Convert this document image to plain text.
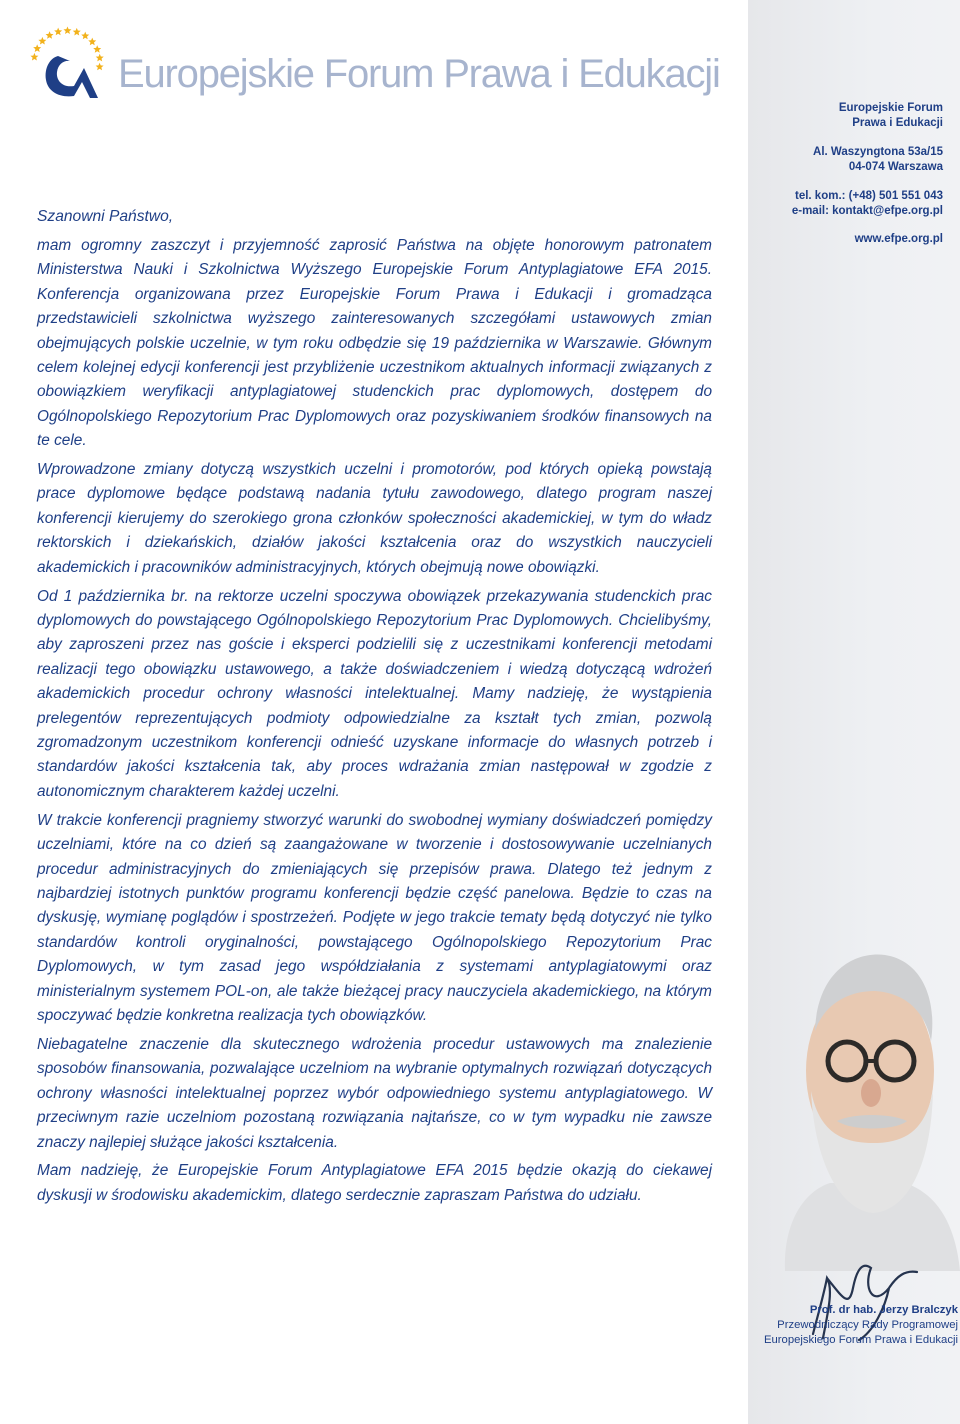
Europejskie Forum
Prawa i Edukacji
Al. Waszyngtona 53a/15
04-074 Warszawa
tel. kom.: (+48) 501 551 043
e-mail: kontakt@efpe.org.pl
www.efpe.org.pl
Europejskie Forum Prawa i Edukacji

Szanowni Państwo,

mam ogromny zaszczyt i przyjemność zaprosić Państwa na objęte honorowym patronatem Ministerstwa Nauki i Szkolnictwa Wyższego Europejskie Forum Antyplagiatowe EFA 2015. Konferencja organizowana przez Europejskie Forum Prawa i Edukacji i gromadząca przedstawicieli szkolnictwa wyższego zainteresowanych szczegółami ustawowych zmian obejmujących polskie uczelnie, w tym roku odbędzie się 19 października w Warszawie. Głównym celem kolejnej edycji konferencji jest przybliżenie uczestnikom aktualnych informacji związanych z obowiązkiem weryfikacji antyplagiatowej studenckich prac dyplomowych, dostępem do Ogólnopolskiego Repozytorium Prac Dyplomowych oraz pozyskiwaniem środków finansowych na te cele.

Wprowadzone zmiany dotyczą wszystkich uczelni i promotorów, pod których opieką powstają prace dyplomowe będące podstawą nadania tytułu zawodowego, dlatego program naszej konferencji kierujemy do szerokiego grona członków społeczności akademickiej, w tym do władz rektorskich i dziekańskich, działów jakości kształcenia oraz do wszystkich nauczycieli akademickich i pracowników administracyjnych, których obejmują nowe obowiązki.

Od 1 października br. na rektorze uczelni spoczywa obowiązek przekazywania studenckich prac dyplomowych do powstającego Ogólnopolskiego Repozytorium Prac Dyplomowych. Chcielibyśmy, aby zaproszeni przez nas goście i eksperci podzielili się z uczestnikami konferencji metodami realizacji tego obowiązku ustawowego, a także doświadczeniem i wiedzą dotyczącą wdrożeń akademickich procedur ochrony własności intelektualnej. Mamy nadzieję, że wystąpienia prelegentów reprezentujących podmioty odpowiedzialne za kształt tych zmian, pozwolą zgromadzonym uczestnikom konferencji odnieść uzyskane informacje do własnych potrzeb i standardów jakości kształcenia tak, aby proces wdrażania zmian następował w zgodzie z autonomicznym charakterem każdej uczelni.

W trakcie konferencji pragniemy stworzyć warunki do swobodnej wymiany doświadczeń pomiędzy uczelniami, które na co dzień są zaangażowane w tworzenie i dostosowywanie uczelnianych procedur administracyjnych do zmieniających się przepisów prawa. Dlatego też jednym z najbardziej istotnych punktów programu konferencji będzie część panelowa. Będzie to czas na dyskusję, wymianę poglądów i spostrzeżeń. Podjęte w jego trakcie tematy będą dotyczyć nie tylko standardów kontroli oryginalności, powstającego Ogólnopolskiego Repozytorium Prac Dyplomowych, w tym zasad jego współdziałania z systemami antyplagiatowymi oraz ministerialnym systemem POL-on, ale także bieżącej pracy nauczyciela akademickiego, na którym spoczywać będzie konkretna realizacja tych obowiązków.

Niebagatelne znaczenie dla skutecznego wdrożenia procedur ustawowych ma znalezienie sposobów finansowania, pozwalające uczelniom na wybranie optymalnych rozwiązań dotyczących ochrony własności intelektualnej poprzez wybór odpowiedniego systemu antyplagiatowego. W przeciwnym razie uczelniom pozostaną rozwiązania najtańsze, co w tym wypadku nie zawsze znaczy najlepiej służące jakości kształcenia.

Mam nadzieję, że Europejskie Forum Antyplagiatowe EFA 2015 będzie okazją do ciekawej dyskusji w środowisku akademickim, dlatego serdecznie zapraszam Państwa do udziału.

Prof. dr hab. Jerzy Bralczyk
Przewodniczący Rady Programowej
Europejskiego Forum Prawa i Edukacji
